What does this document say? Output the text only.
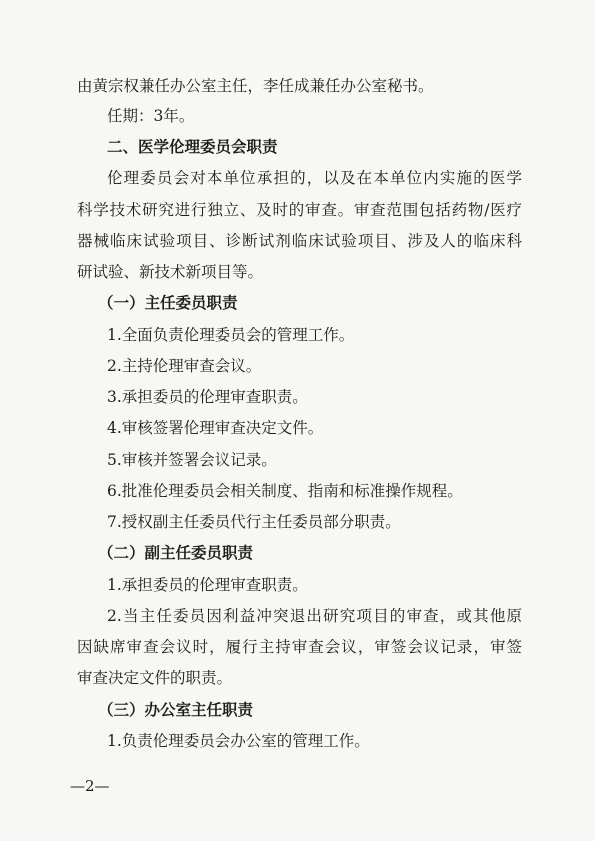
由黄宗权兼任办公室主任，李任成兼任办公室秘书。
任期：3年。
二、医学伦理委员会职责
伦理委员会对本单位承担的，以及在本单位内实施的医学
科学技术研究进行独立、及时的审查。审查范围包括药物/医疗
器械临床试验项目、诊断试剂临床试验项目、涉及人的临床科
研试验、新技术新项目等。
（一）主任委员职责
1.全面负责伦理委员会的管理工作。
2.主持伦理审查会议。
3.承担委员的伦理审查职责。
4.审核签署伦理审查决定文件。
5.审核并签署会议记录。
6.批准伦理委员会相关制度、指南和标准操作规程。
7.授权副主任委员代行主任委员部分职责。
（二）副主任委员职责
1.承担委员的伦理审查职责。
2.当主任委员因利益冲突退出研究项目的审查，或其他原
因缺席审查会议时，履行主持审查会议，审签会议记录，审签
审查决定文件的职责。
（三）办公室主任职责
1.负责伦理委员会办公室的管理工作。
—2—
